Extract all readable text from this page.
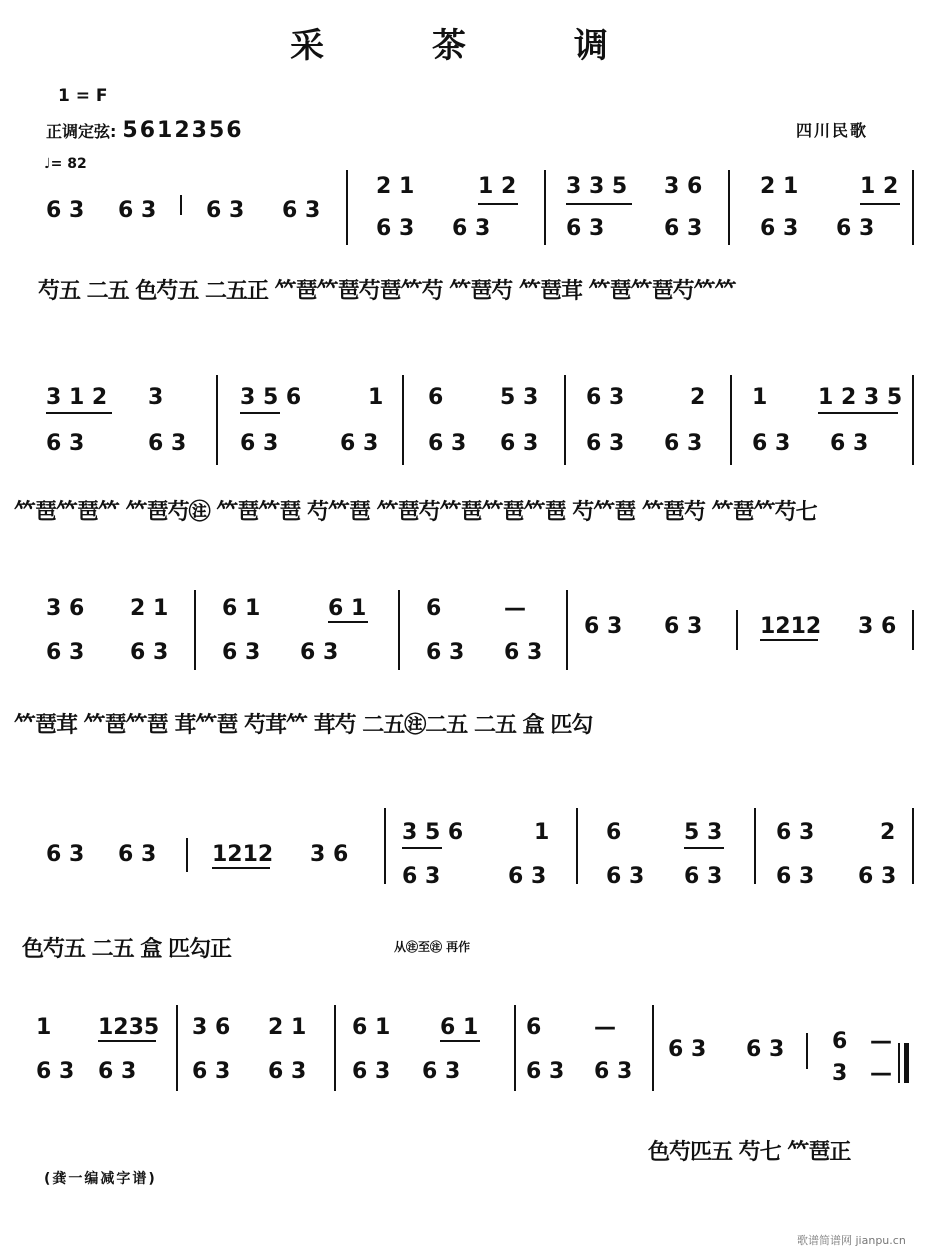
采 茶 调
1 = F
正调定弦: 5612356
♩= 82
四川民歌
6 3 6 3 6 3 6 3
2 1	1 2 3 3 5 3 6	2 1	1 2
6 3 6 3	6 3	6 3	6 3 6 3
芍五 二五 色芍五 二五正 𥫗琶𥫗琶芍琶𥫗芍 𥫗琶芍 𥫗琶茸 𥫗琶𥫗琶芍𥫗𥫗
3 1 2 3	3 5 6	1 6	5 3 6 3	2 1 1 2 3 5
6 3	6 3 6 3	6 3 6 3 6 3 6 3 6 3 6 3 6 3
𥫗琶𥫗琶𥫗 𥫗琶芍㊟ 𥫗琶𥫗琶 芍𥫗琶 𥫗琶芍𥫗琶𥫗琶𥫗琶 芍𥫗琶 𥫗琶芍 𥫗琶𥫗芍七
3 6 2 1 6 1	6 1	6	—
6 3 6 3	1212 3 6
6 3 6 3 6 3 6 3	6 3 6 3
𥫗琶茸 𥫗琶𥫗琶 茸𥫗琶 芍茸𥫗 茸芍 二五㊟二五 二五 盒 匹勾
6 3 6 3	1212 3 6
3 5 6	1	6	5 3 6 3	2
6 3	6 3	6 3 6 3 6 3 6 3
色芍五 二五 盒 匹勾正	从㊟至㊟ 再作
1 1235 3 6 2 1 6 1 6 1 6 —
6 3 6 3 6 —
6 3 6 3	6 3 6 3 6 3 6 3	6 3 6 3	3 —
色芍匹五 芍七 𥫗琶正
(龚一编减字谱)
歌谱简谱网 jianpu.cn
